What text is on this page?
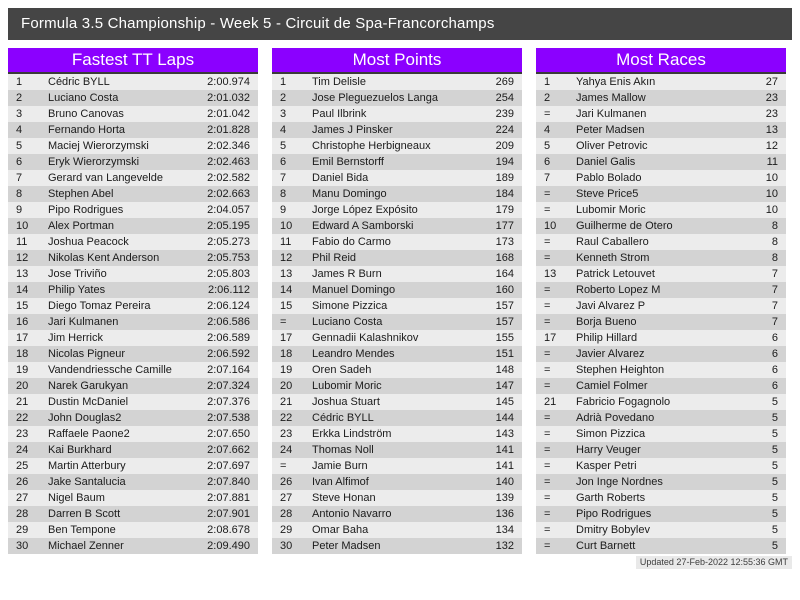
Formula 3.5 Championship - Week 5 - Circuit de Spa-Francorchamps
Fastest TT Laps
1	Cédric BYLL	2:00.974
2	Luciano Costa	2:01.032
3	Bruno Canovas	2:01.042
4	Fernando Horta	2:01.828
5	Maciej Wierorzymski	2:02.346
6	Eryk Wierorzymski	2:02.463
7	Gerard van Langevelde	2:02.582
8	Stephen Abel	2:02.663
9	Pipo Rodrigues	2:04.057
10	Alex Portman	2:05.195
11	Joshua Peacock	2:05.273
12	Nikolas Kent Anderson	2:05.753
13	Jose Triviño	2:05.803
14	Philip Yates	2:06.112
15	Diego Tomaz Pereira	2:06.124
16	Jari Kulmanen	2:06.586
17	Jim Herrick	2:06.589
18	Nicolas Pigneur	2:06.592
19	Vandendriessche Camille	2:07.164
20	Narek Garukyan	2:07.324
21	Dustin McDaniel	2:07.376
22	John Douglas2	2:07.538
23	Raffaele Paone2	2:07.650
24	Kai Burkhard	2:07.662
25	Martin Atterbury	2:07.697
26	Jake Santalucia	2:07.840
27	Nigel Baum	2:07.881
28	Darren B Scott	2:07.901
29	Ben Tempone	2:08.678
30	Michael Zenner	2:09.490
Most Points
1	Tim Delisle	269
2	Jose Pleguezuelos Langa	254
3	Paul Ilbrink	239
4	James J Pinsker	224
5	Christophe Herbigneaux	209
6	Emil Bernstorff	194
7	Daniel Bida	189
8	Manu Domingo	184
9	Jorge López Expósito	179
10	Edward A Samborski	177
11	Fabio do Carmo	173
12	Phil Reid	168
13	James R Burn	164
14	Manuel Domingo	160
15	Simone Pizzica	157
=	Luciano Costa	157
17	Gennadii Kalashnikov	155
18	Leandro Mendes	151
19	Oren Sadeh	148
20	Lubomir Moric	147
21	Joshua Stuart	145
22	Cédric BYLL	144
23	Erkka Lindström	143
24	Thomas Noll	141
=	Jamie Burn	141
26	Ivan Alfimof	140
27	Steve Honan	139
28	Antonio Navarro	136
29	Omar Baha	134
30	Peter Madsen	132
Most Races
1	Yahya Enis Akın	27
2	James Mallow	23
=	Jari Kulmanen	23
4	Peter Madsen	13
5	Oliver Petrovic	12
6	Daniel Galis	11
7	Pablo Bolado	10
=	Steve Price5	10
=	Lubomir Moric	10
10	Guilherme de Otero	8
=	Raul Caballero	8
=	Kenneth Strom	8
13	Patrick Letouvet	7
=	Roberto Lopez M	7
=	Javi Alvarez P	7
=	Borja Bueno	7
17	Philip Hillard	6
=	Javier Alvarez	6
=	Stephen Heighton	6
=	Camiel Folmer	6
21	Fabricio Fogagnolo	5
=	Adrià Povedano	5
=	Simon Pizzica	5
=	Harry Veuger	5
=	Kasper Petri	5
=	Jon Inge Nordnes	5
=	Garth Roberts	5
=	Pipo Rodrigues	5
=	Dmitry Bobylev	5
=	Curt Barnett	5
Updated 27-Feb-2022 12:55:36 GMT
